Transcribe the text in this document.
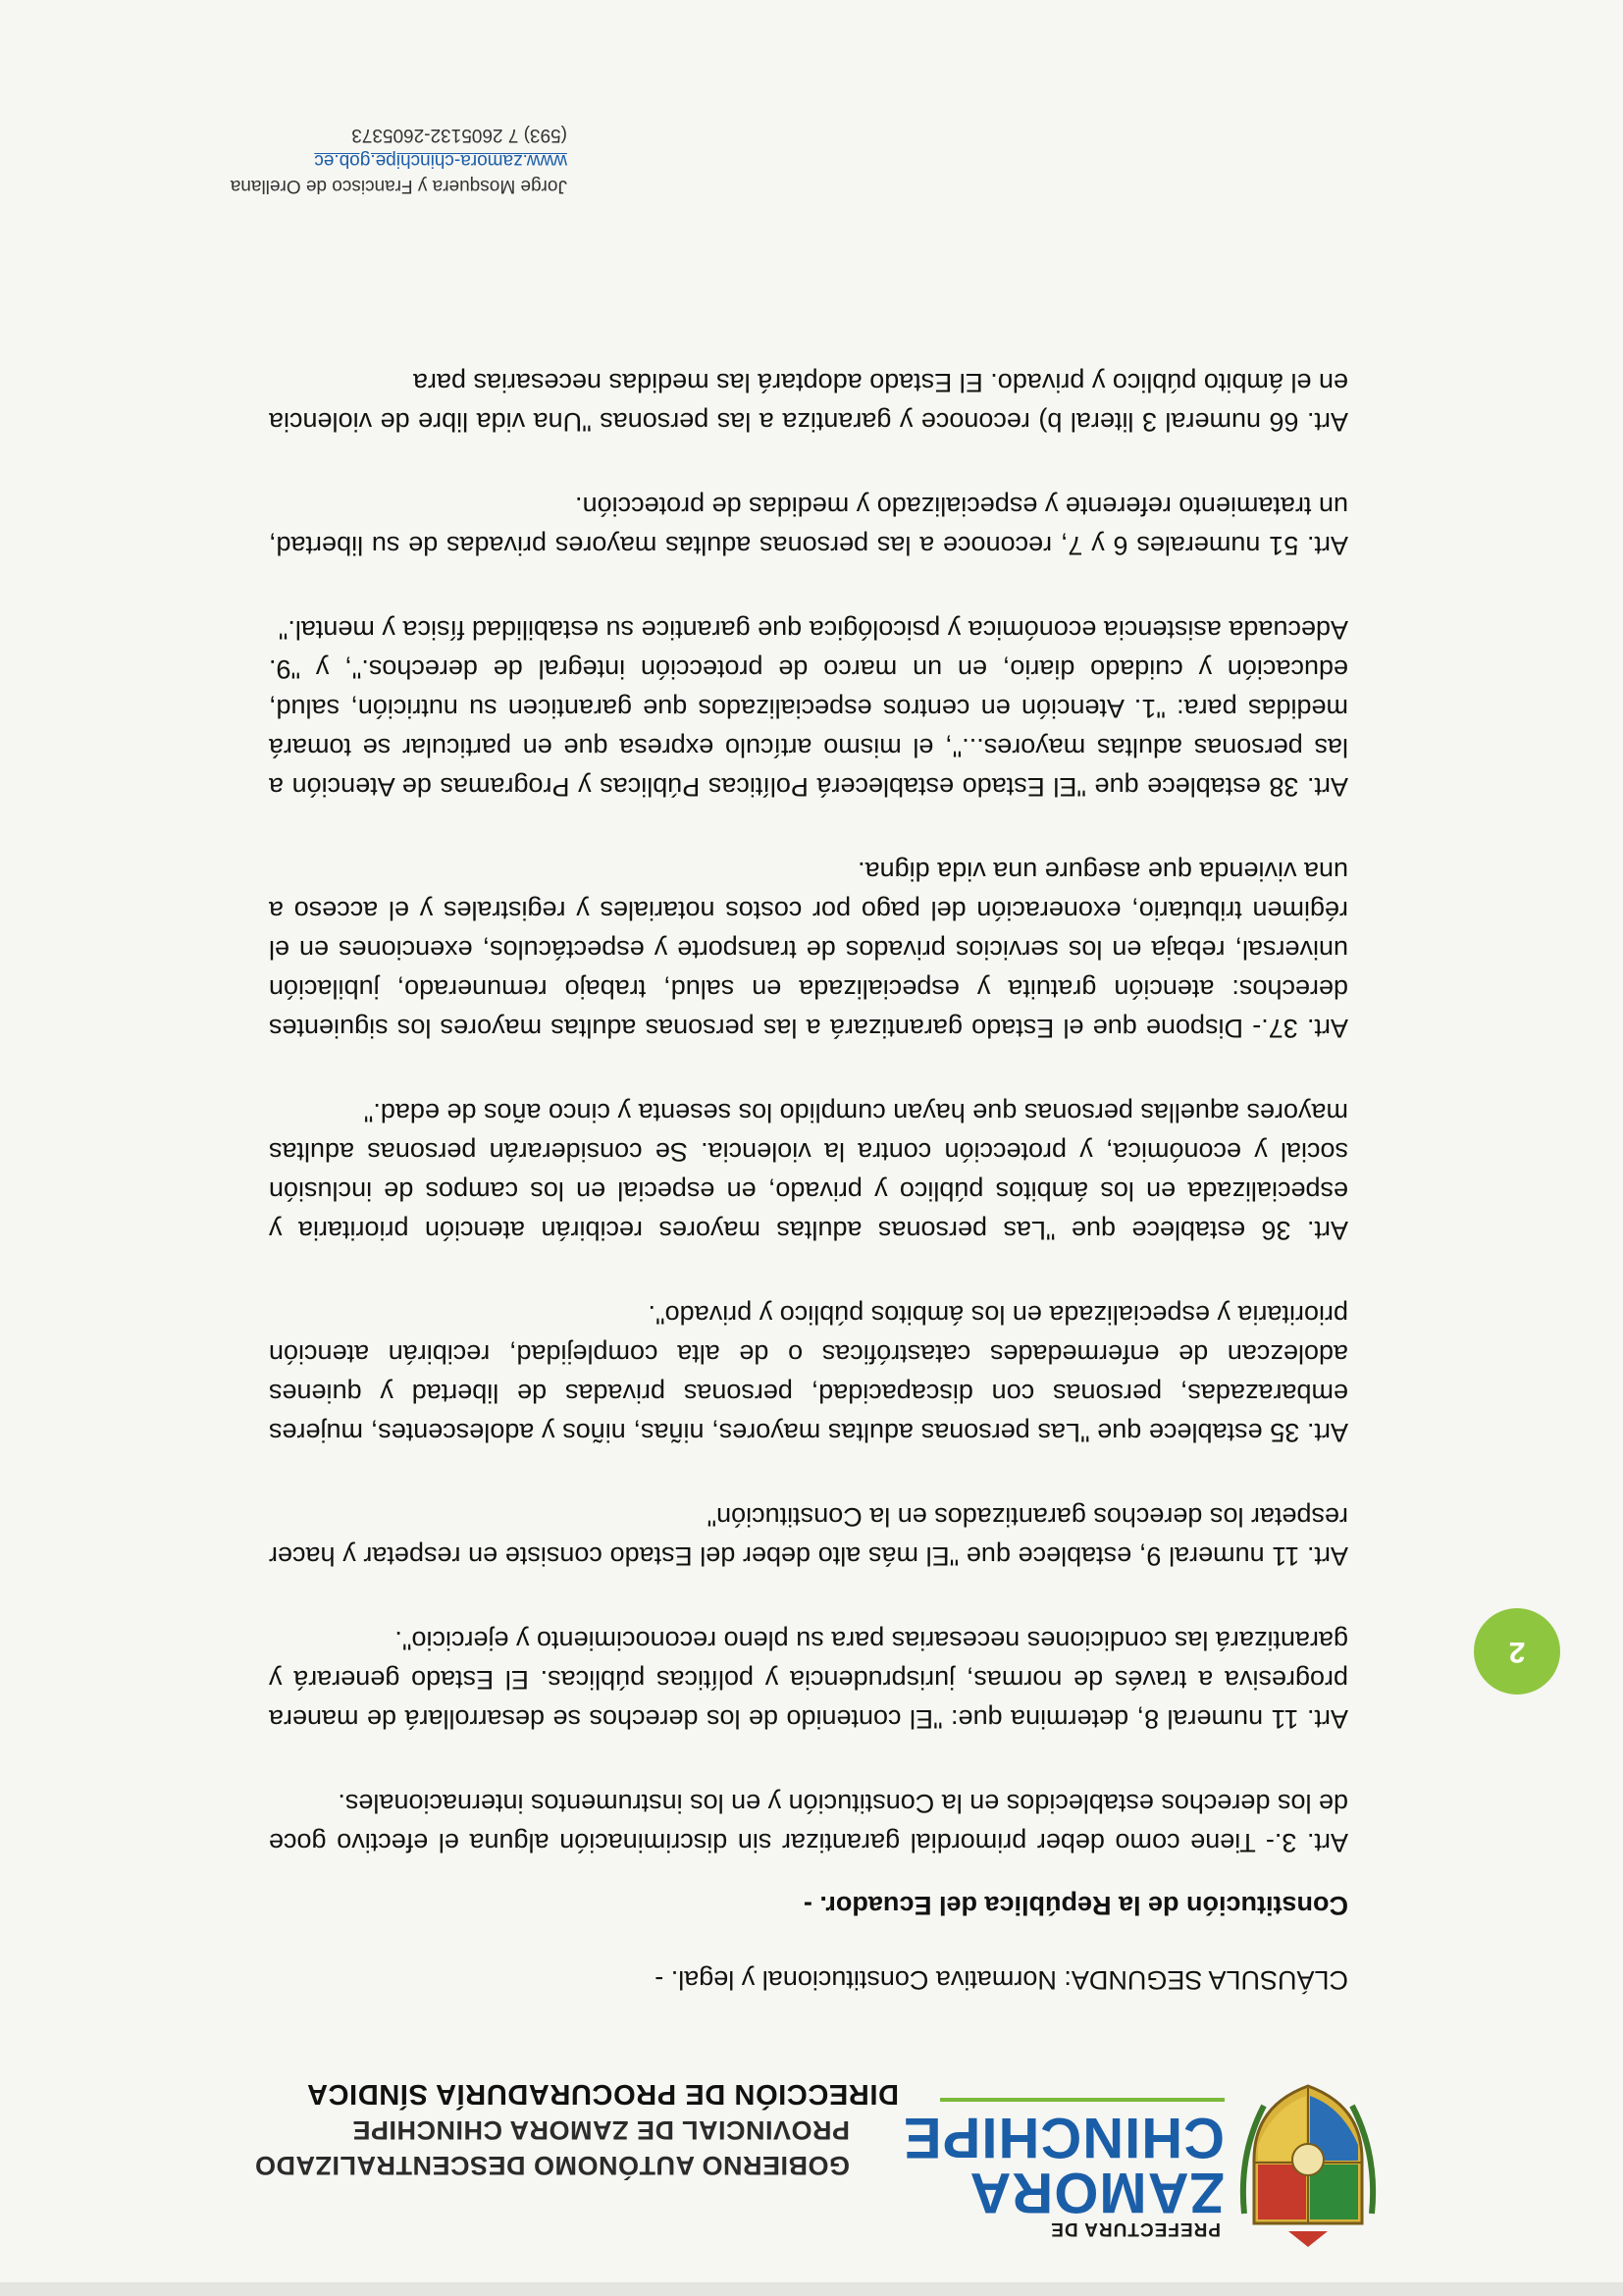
PREFECTURA DE
ZAMORA
CHINCHIPE
GOBIERNO AUTÓNOMO DESCENTRALIZADO
PROVINCIAL DE ZAMORA CHINCHIPE
DIRECCIÓN DE PROCURADURÍA SÍNDICA
2

CLÁUSULA SEGUNDA: Normativa Constitucional y legal. -

Constitución de la República del Ecuador. -

Art. 3.- Tiene como deber primordial garantizar sin discriminación alguna el efectivo goce de los derechos establecidos en la Constitución y en los instrumentos internacionales.

Art. 11 numeral 8, determina que: "El contenido de los derechos se desarrollará de manera progresiva a través de normas, jurisprudencia y políticas públicas. El Estado generará y garantizará las condiciones necesarias para su pleno reconocimiento y ejercicio".

Art. 11 numeral 9, establece que "El más alto deber del Estado consiste en respetar y hacer respetar los derechos garantizados en la Constitución"

Art. 35 establece que "Las personas adultas mayores, niñas, niños y adolescentes, mujeres embarazadas, personas con discapacidad, personas privadas de libertad y quienes adolezcan de enfermedades catastróficas o de alta complejidad, recibirán atención prioritaria y especializada en los ámbitos público y privado".

Art. 36 establece que "Las personas adultas mayores recibirán atención prioritaria y especializada en los ámbitos público y privado, en especial en los campos de inclusión social y económica, y protección contra la violencia. Se considerarán personas adultas mayores aquellas personas que hayan cumplido los sesenta y cinco años de edad."

Art. 37.- Dispone que el Estado garantizará a las personas adultas mayores los siguientes derechos: atención gratuita y especializada en salud, trabajo remunerado, jubilación universal, rebaja en los servicios privados de transporte y espectáculos, exenciones en el régimen tributario, exoneración del pago por costos notariales y registrales y el acceso a una vivienda que asegure una vida digna.

Art. 38 establece que "El Estado establecerá Políticas Públicas y Programas de Atención a las personas adultas mayores...", el mismo artículo expresa que en particular se tomará medidas para: "1. Atención en centros especializados que garanticen su nutrición, salud, educación y cuidado diario, en un marco de protección integral de derechos.", y "9. Adecuada asistencia económica y psicológica que garantice su estabilidad física y mental."

Art. 51 numerales 6 y 7, reconoce a las personas adultas mayores privadas de su libertad, un tratamiento referente y especializado y medidas de protección.

Art. 66 numeral 3 literal b) reconoce y garantiza a las personas "Una vida libre de violencia en el ámbito público y privado. El Estado adoptará las medidas necesarias para

Jorge Mosquera y Francisco de Orellana
www.zamora-chinchipe.gob.ec
(593) 7 2605132-2605373
